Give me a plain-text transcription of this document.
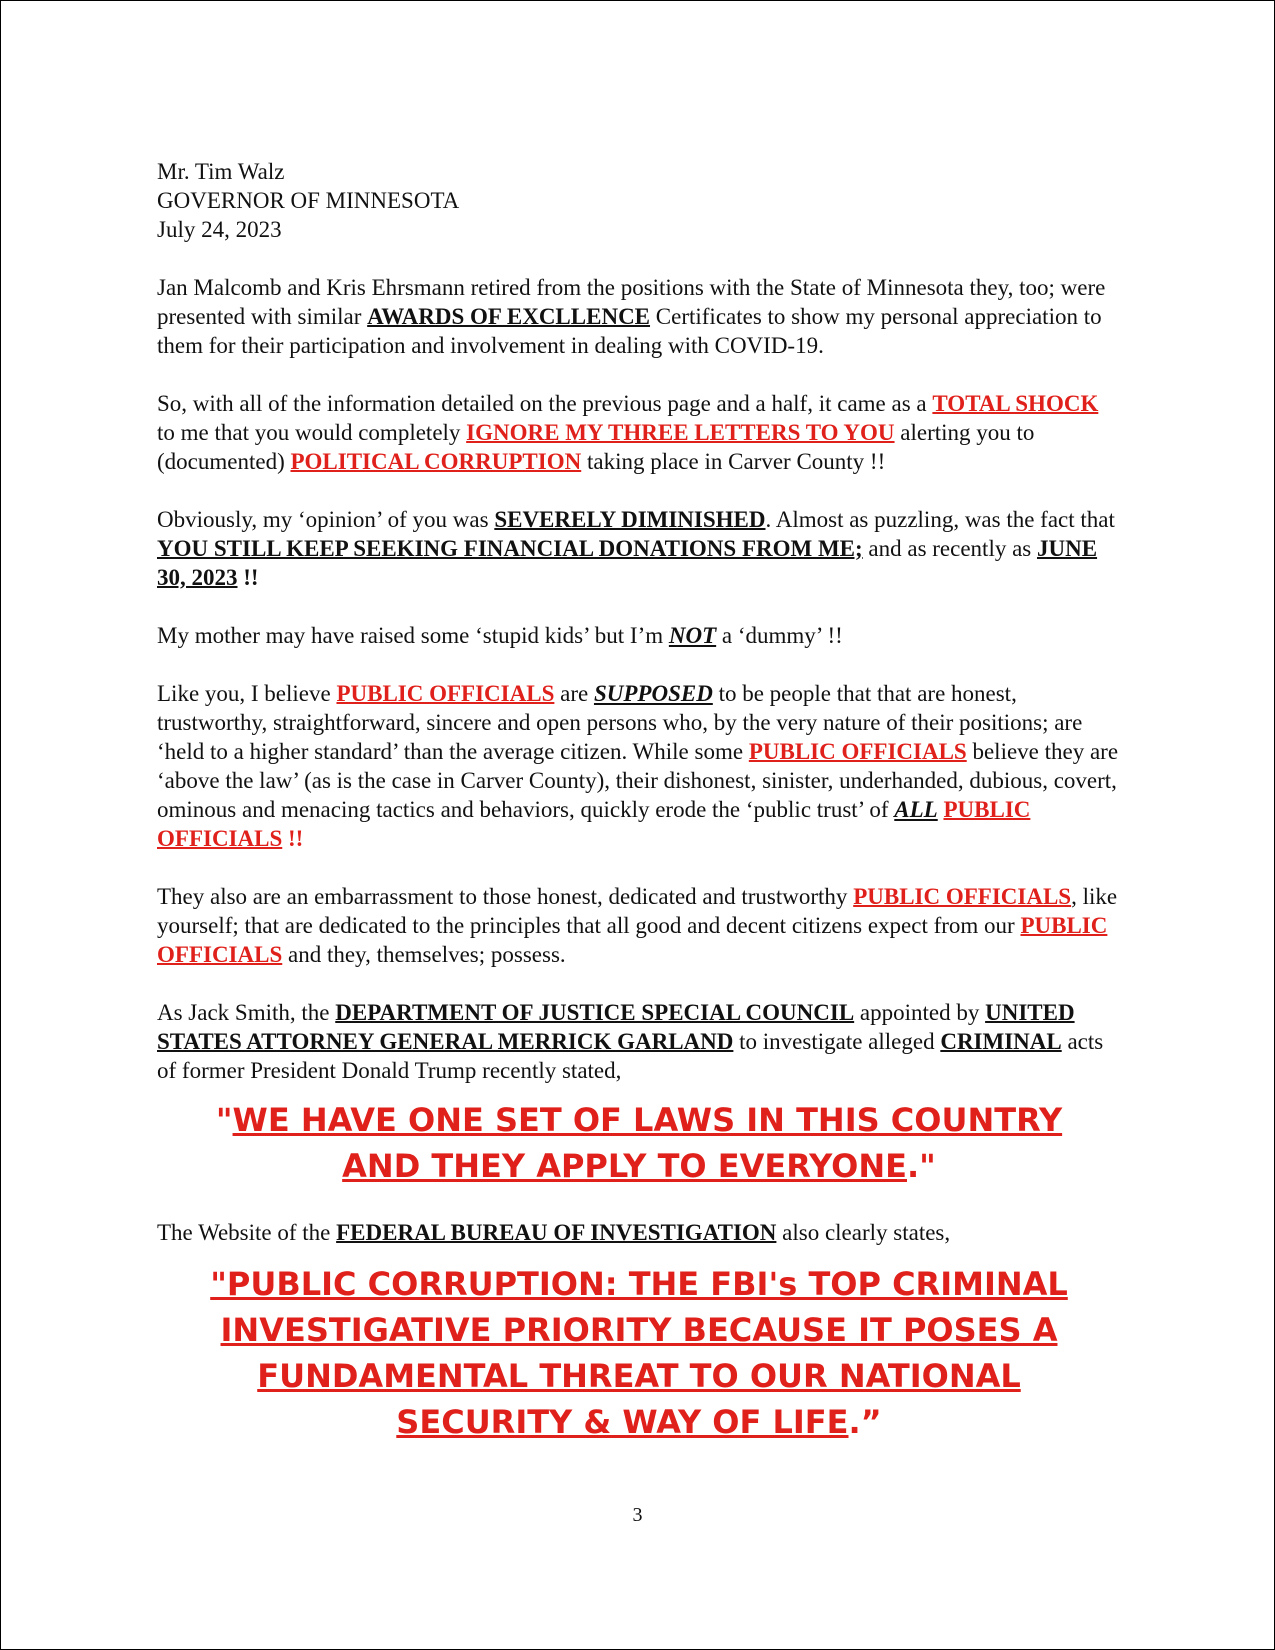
Mr. Tim Walz

GOVERNOR OF MINNESOTA

July 24, 2023

Jan Malcomb and Kris Ehrsmann retired from the positions with the State of Minnesota they, too; were presented with similar AWARDS OF EXCLLENCE Certificates to show my personal appreciation to them for their participation and involvement in dealing with COVID-19.

So, with all of the information detailed on the previous page and a half, it came as a TOTAL SHOCK to me that you would completely IGNORE MY THREE LETTERS TO YOU alerting you to (documented) POLITICAL CORRUPTION taking place in Carver County !!

Obviously, my ‘opinion’ of you was SEVERELY DIMINISHED. Almost as puzzling, was the fact that YOU STILL KEEP SEEKING FINANCIAL DONATIONS FROM ME; and as recently as JUNE 30, 2023 !!

My mother may have raised some ‘stupid kids’ but I’m NOT a ‘dummy’ !!

Like you, I believe PUBLIC OFFICIALS are SUPPOSED to be people that that are honest, trustworthy, straightforward, sincere and open persons who, by the very nature of their positions; are ‘held to a higher standard’ than the average citizen. While some PUBLIC OFFICIALS believe they are ‘above the law’ (as is the case in Carver County), their dishonest, sinister, underhanded, dubious, covert, ominous and menacing tactics and behaviors, quickly erode the ‘public trust’ of ALL PUBLIC OFFICIALS !!

They also are an embarrassment to those honest, dedicated and trustworthy PUBLIC OFFICIALS, like yourself; that are dedicated to the principles that all good and decent citizens expect from our PUBLIC OFFICIALS and they, themselves; possess.

As Jack Smith, the DEPARTMENT OF JUSTICE SPECIAL COUNCIL appointed by UNITED STATES ATTORNEY GENERAL MERRICK GARLAND to investigate alleged CRIMINAL acts of former President Donald Trump recently stated,

"WE HAVE ONE SET OF LAWS IN THIS COUNTRY AND THEY APPLY TO EVERYONE."

The Website of the FEDERAL BUREAU OF INVESTIGATION also clearly states,

"PUBLIC CORRUPTION: THE FBI's TOP CRIMINAL INVESTIGATIVE PRIORITY BECAUSE IT POSES A FUNDAMENTAL THREAT TO OUR NATIONAL SECURITY & WAY OF LIFE.”
3
